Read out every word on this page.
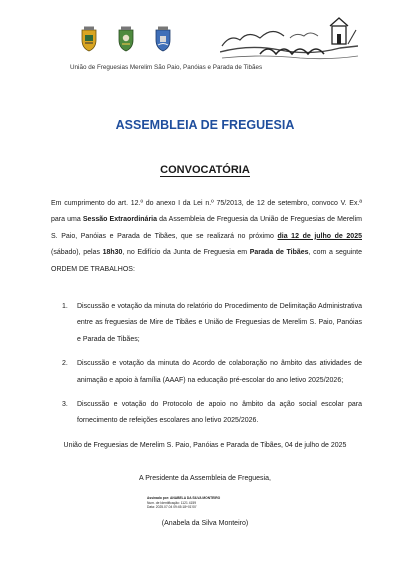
União de Freguesias Merelim São Paio, Panóias e Parada de Tibães
ASSEMBLEIA DE FREGUESIA
CONVOCATÓRIA
Em cumprimento do art. 12.º do anexo I da Lei n.º 75/2013, de 12 de setembro, convoco V. Ex.ª para uma Sessão Extraordinária da Assembleia de Freguesia da União de Freguesias de Merelim S. Paio, Panóias e Parada de Tibães, que se realizará no próximo dia 12 de julho de 2025 (sábado), pelas 18h30, no Edifício da Junta de Freguesia em Parada de Tibães, com a seguinte ORDEM DE TRABALHOS:
1. Discussão e votação da minuta do relatório do Procedimento de Delimitação Administrativa entre as freguesias de Mire de Tibães e União de Freguesias de Merelim S. Paio, Panóias e Parada de Tibães;
2. Discussão e votação da minuta do Acordo de colaboração no âmbito das atividades de animação e apoio à família (AAAF) na educação pré-escolar do ano letivo 2025/2026;
3. Discussão e votação do Protocolo de apoio no âmbito da ação social escolar para fornecimento de refeições escolares ano letivo 2025/2026.
União de Freguesias de Merelim S. Paio, Panóias e Parada de Tibães, 04 de julho de 2025
A Presidente da Assembleia de Freguesia,
Assinado por: ANABELA DA SILVA MONTEIRO
Num. de Identificação: 1121 4159
Data: 2025.07.04 09:45:18+01'00'
(Anabela da Silva Monteiro)
